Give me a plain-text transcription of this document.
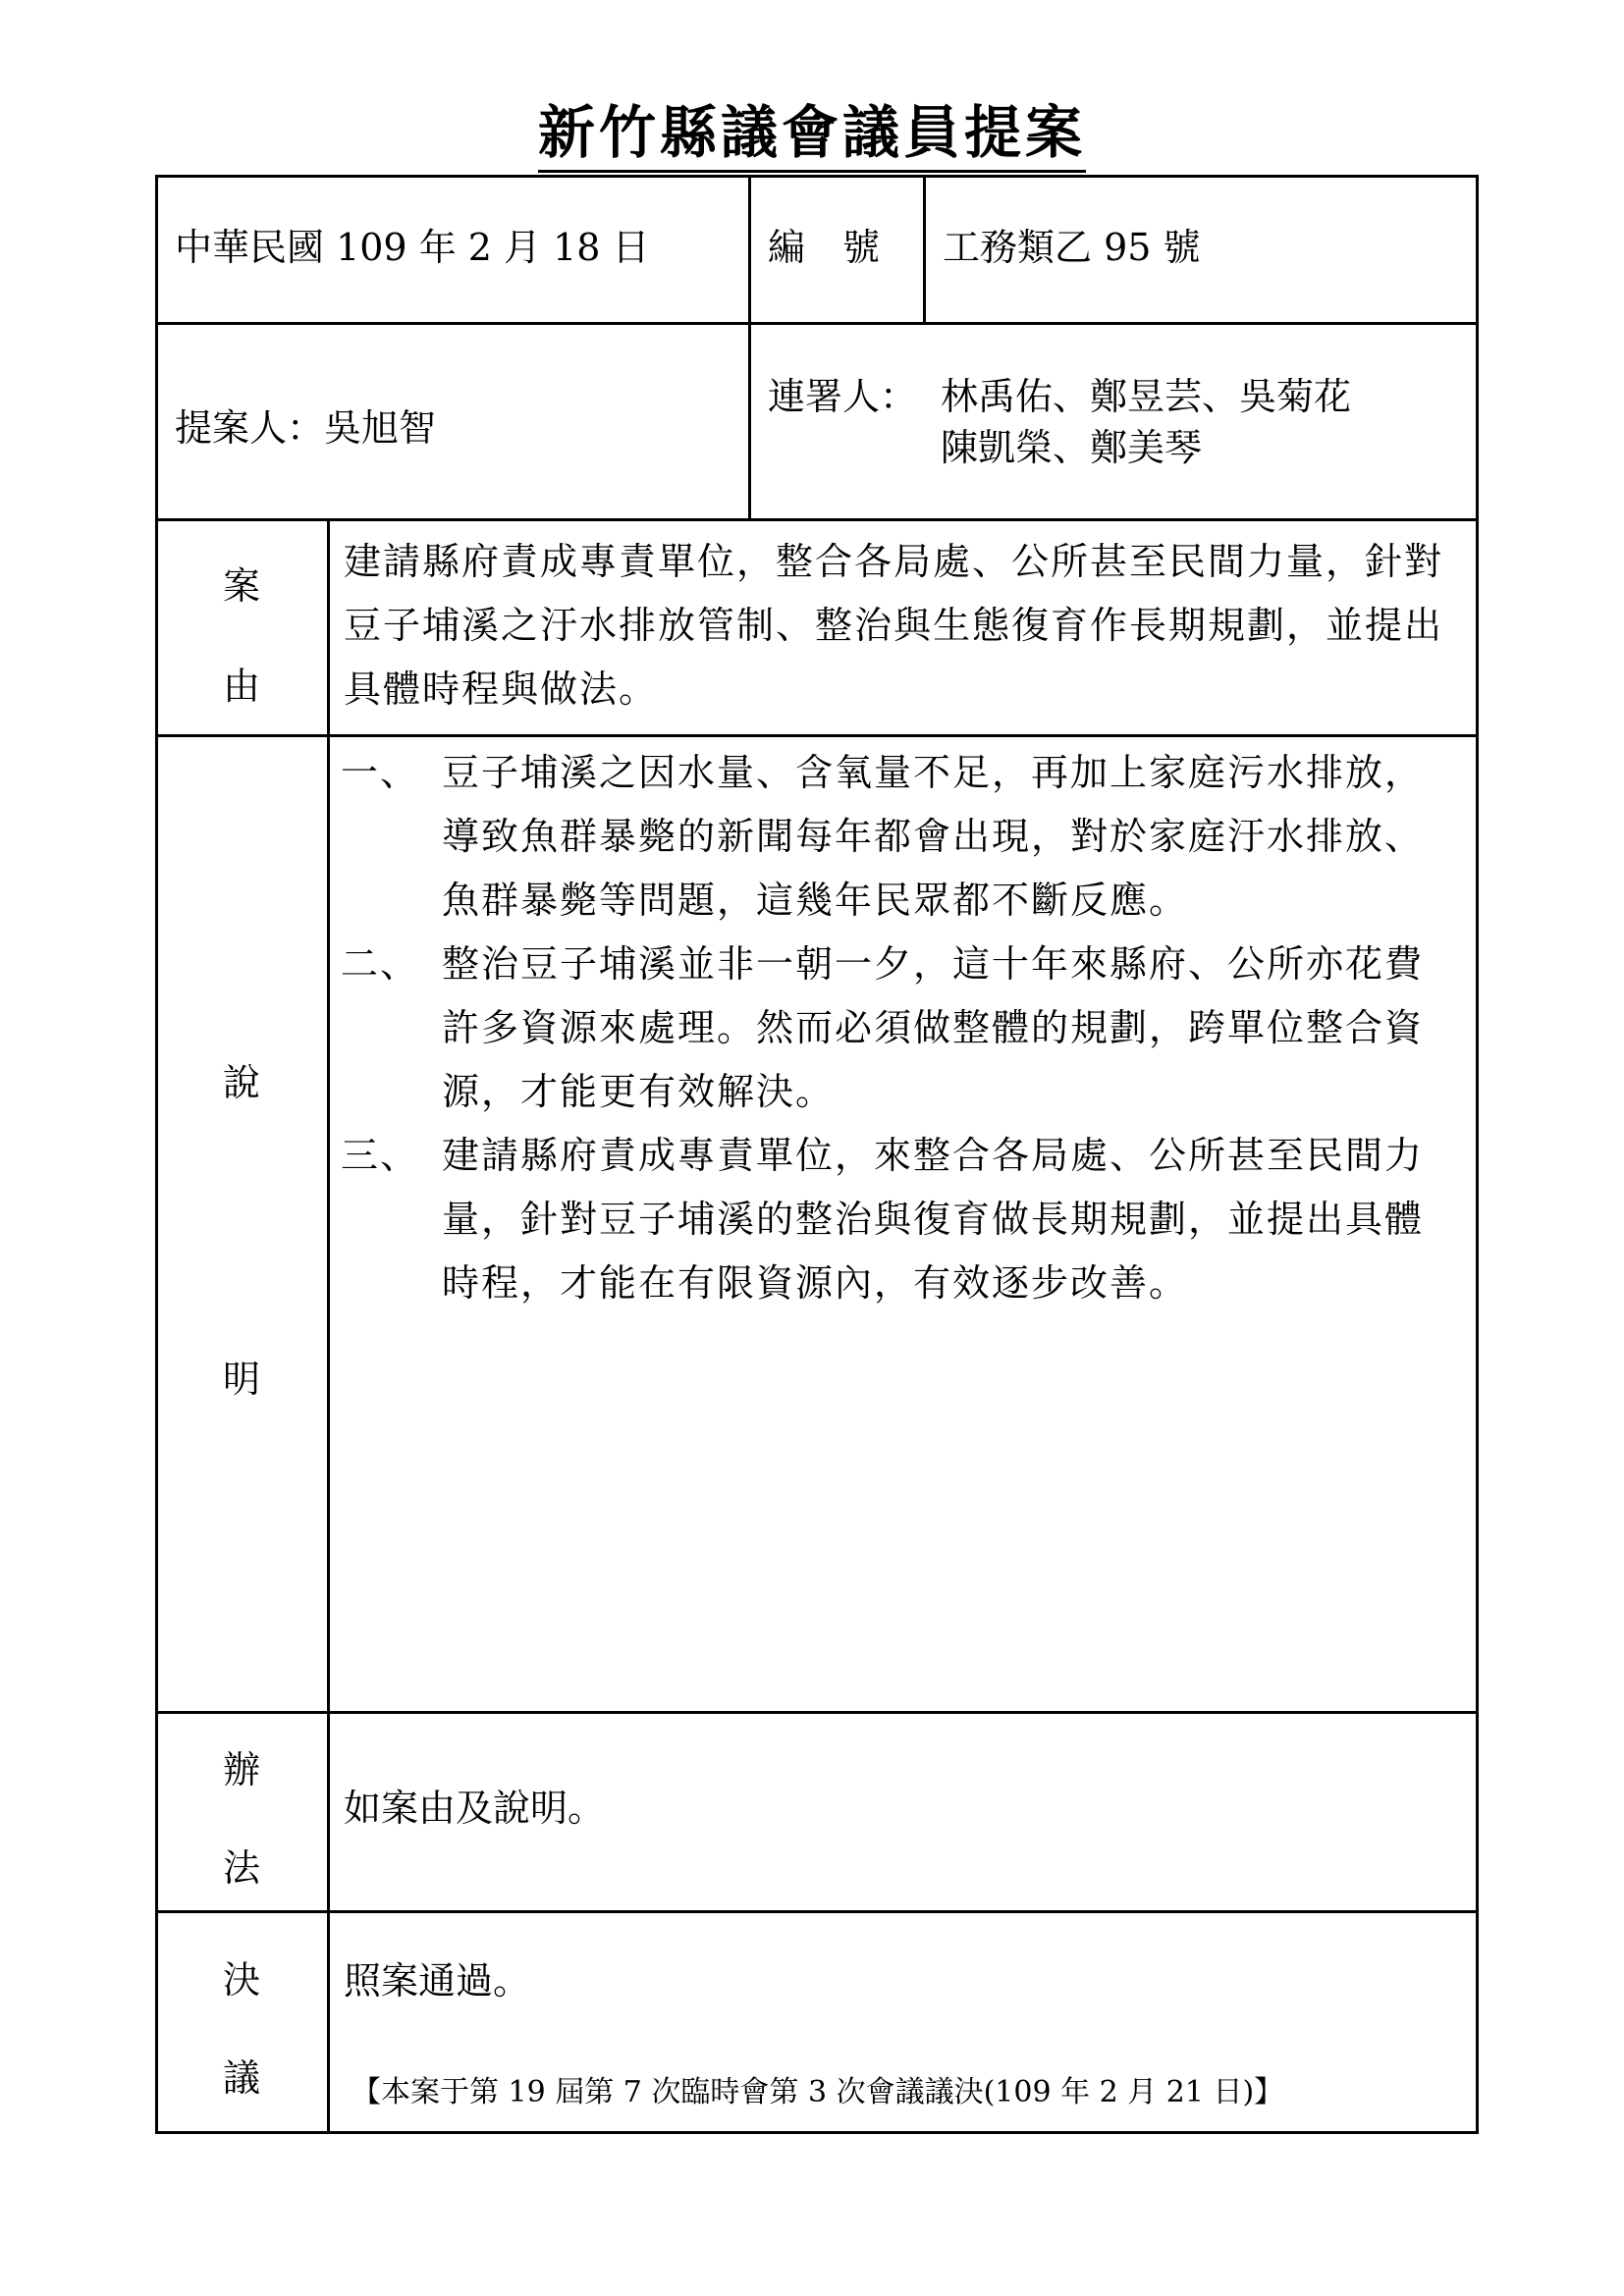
新竹縣議會議員提案
中華民國 109 年 2 月 18 日	編　號 工務類乙 95 號
提案人：吳旭智
連署人： 林禹佑、鄭昱芸、吳菊花
陳凱榮、鄭美琴
案
由
建請縣府責成專責單位，整合各局處、公所甚至民間力量，針對豆子埔溪之汙水排放管制、整治與生態復育作長期規劃，並提出具體時程與做法。
說
明
一、 豆子埔溪之因水量、含氧量不足，再加上家庭污水排放，導致魚群暴斃的新聞每年都會出現，對於家庭汙水排放、魚群暴斃等問題，這幾年民眾都不斷反應。
二、 整治豆子埔溪並非一朝一夕，這十年來縣府、公所亦花費許多資源來處理。然而必須做整體的規劃，跨單位整合資源，才能更有效解決。
三、 建請縣府責成專責單位，來整合各局處、公所甚至民間力量，針對豆子埔溪的整治與復育做長期規劃，並提出具體時程，才能在有限資源內，有效逐步改善。
辦
法
如案由及說明。
決
議
照案通過。
【本案于第 19 屆第 7 次臨時會第 3 次會議議決(109 年 2 月 21 日)】
